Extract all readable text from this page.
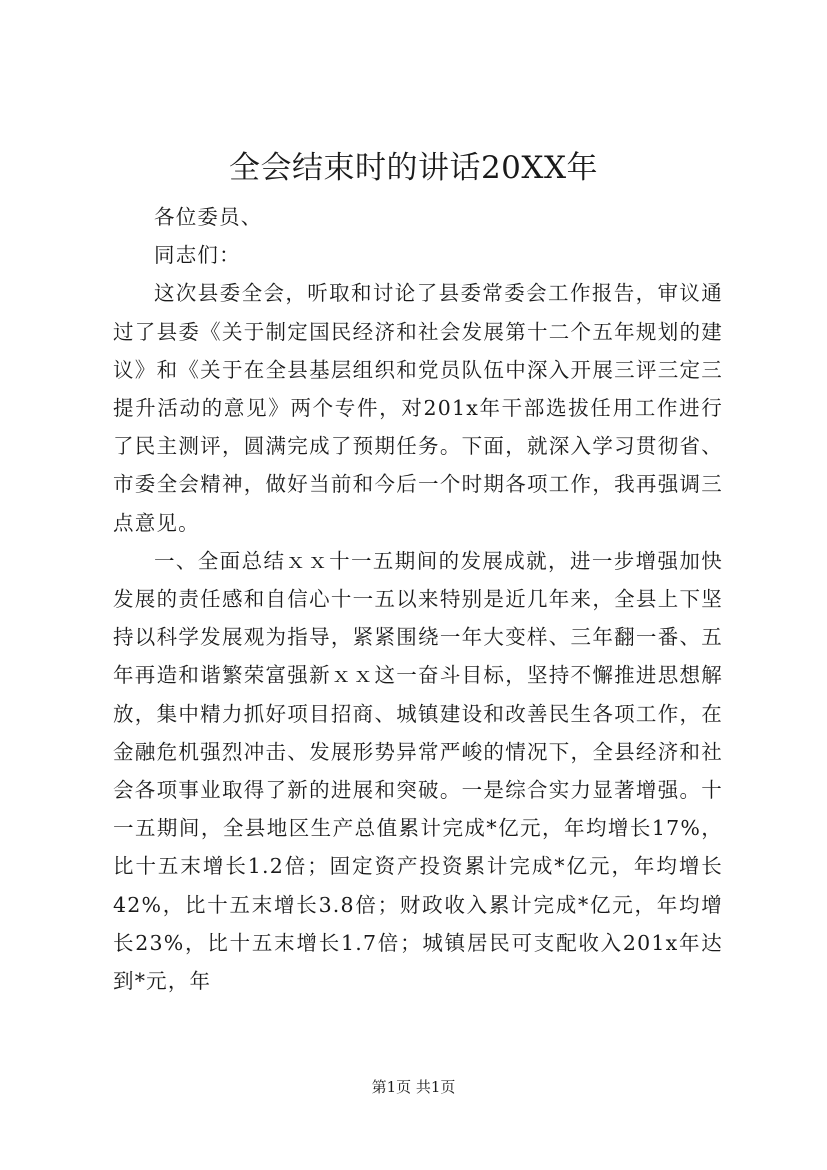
全会结束时的讲话20XX年

各位委员、

同志们：

这次县委全会，听取和讨论了县委常委会工作报告，审议通过了县委《关于制定国民经济和社会发展第十二个五年规划的建议》和《关于在全县基层组织和党员队伍中深入开展三评三定三提升活动的意见》两个专件，对201x年干部选拔任用工作进行了民主测评，圆满完成了预期任务。下面，就深入学习贯彻省、市委全会精神，做好当前和今后一个时期各项工作，我再强调三点意见。

一、全面总结ｘｘ十一五期间的发展成就，进一步增强加快发展的责任感和自信心十一五以来特别是近几年来，全县上下坚持以科学发展观为指导，紧紧围绕一年大变样、三年翻一番、五年再造和谐繁荣富强新ｘｘ这一奋斗目标，坚持不懈推进思想解放，集中精力抓好项目招商、城镇建设和改善民生各项工作，在金融危机强烈冲击、发展形势异常严峻的情况下，全县经济和社会各项事业取得了新的进展和突破。一是综合实力显著增强。十一五期间，全县地区生产总值累计完成*亿元，年均增长17%，比十五末增长1.2倍；固定资产投资累计完成*亿元，年均增长42%，比十五末增长3.8倍；财政收入累计完成*亿元，年均增长23%，比十五末增长1.7倍；城镇居民可支配收入201x年达到*元，年

第1页 共1页
